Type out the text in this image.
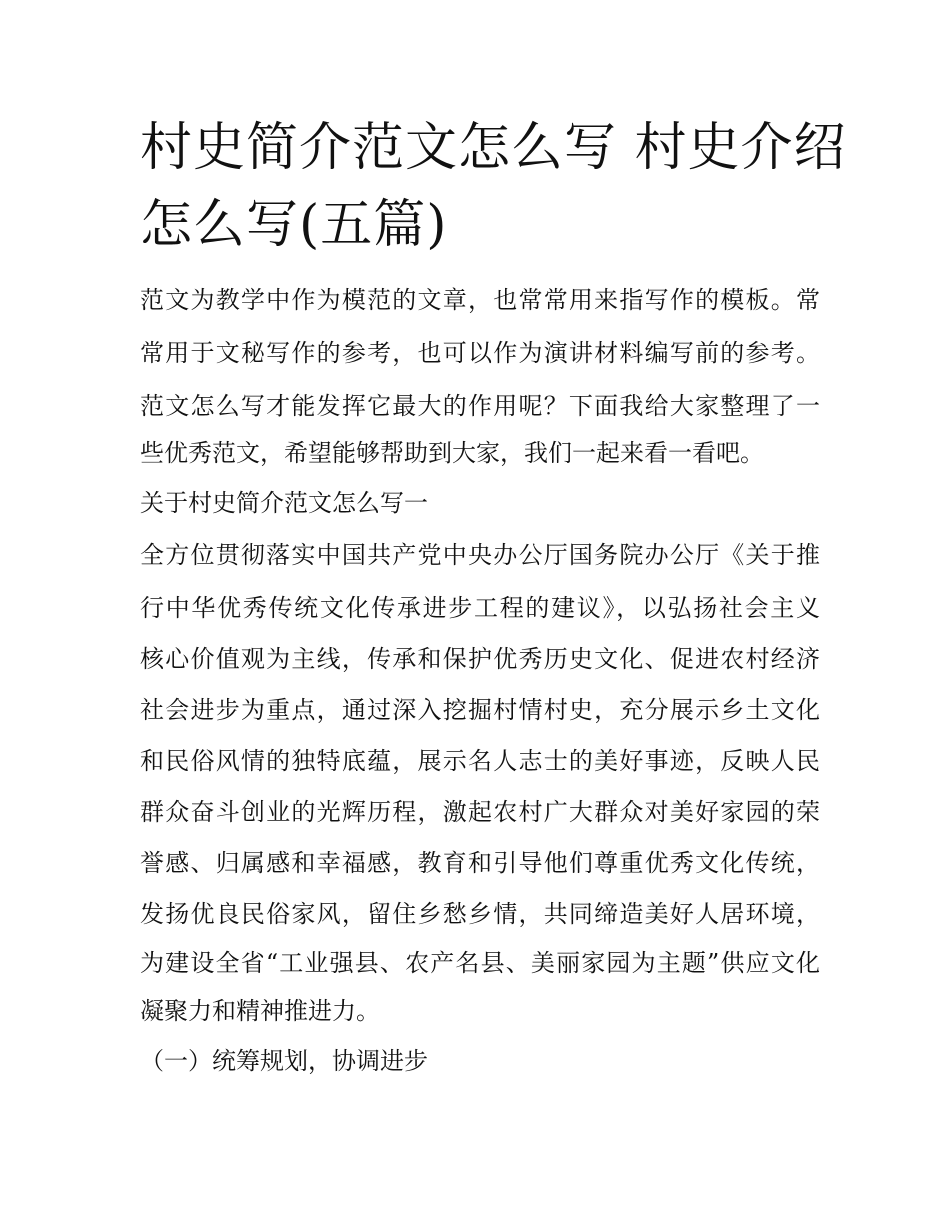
村史简介范文怎么写 村史介绍
怎么写(五篇)
范文为教学中作为模范的文章，也常常用来指写作的模板。常
常用于文秘写作的参考，也可以作为演讲材料编写前的参考。
范文怎么写才能发挥它最大的作用呢？下面我给大家整理了一
些优秀范文，希望能够帮助到大家，我们一起来看一看吧。
关于村史简介范文怎么写一
全方位贯彻落实中国共产党中央办公厅国务院办公厅《关于推
行中华优秀传统文化传承进步工程的建议》，以弘扬社会主义
核心价值观为主线，传承和保护优秀历史文化、促进农村经济
社会进步为重点，通过深入挖掘村情村史，充分展示乡土文化
和民俗风情的独特底蕴，展示名人志士的美好事迹，反映人民
群众奋斗创业的光辉历程，激起农村广大群众对美好家园的荣
誉感、归属感和幸福感，教育和引导他们尊重优秀文化传统，
发扬优良民俗家风，留住乡愁乡情，共同缔造美好人居环境，
为建设全省“工业强县、农产名县、美丽家园为主题”供应文化
凝聚力和精神推进力。
（一）统筹规划，协调进步
